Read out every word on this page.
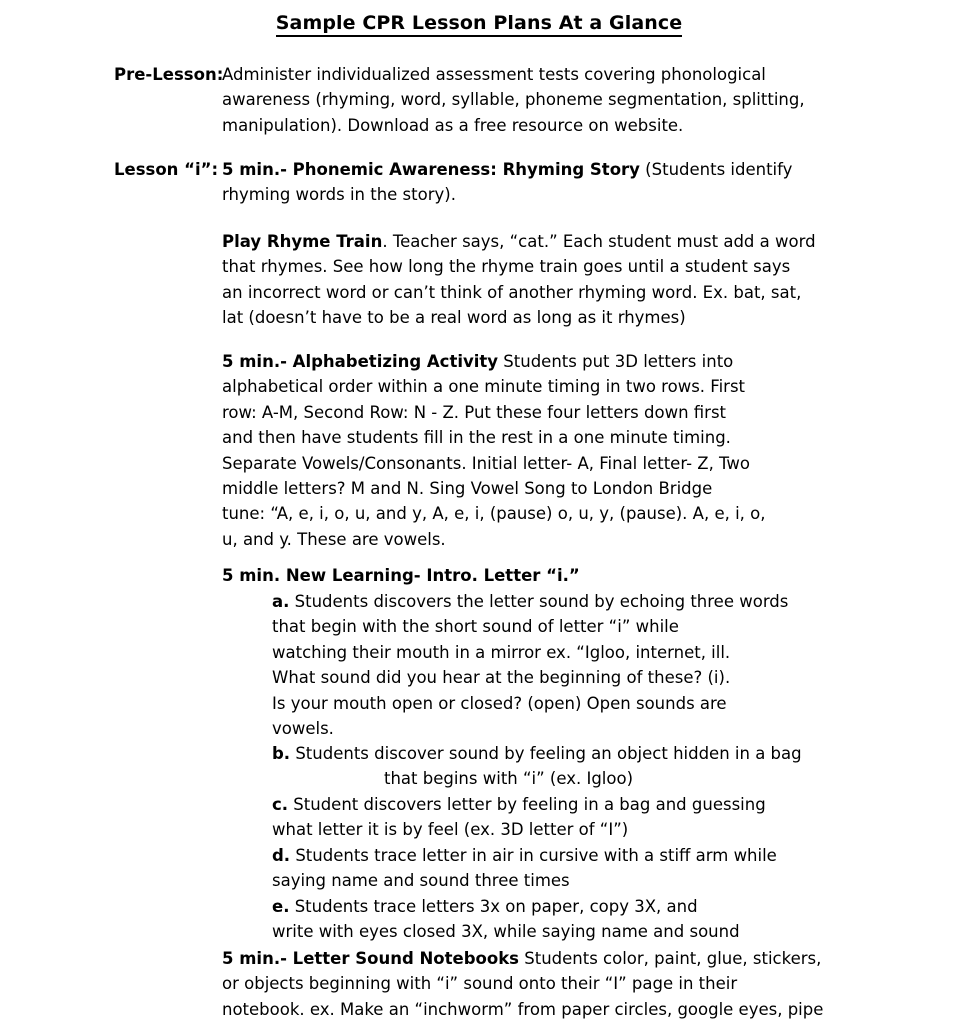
Sample CPR Lesson Plans At a Glance
Pre-Lesson:
Administer individualized assessment tests covering phonological
awareness (rhyming, word, syllable, phoneme segmentation, splitting,
manipulation). Download as a free resource on website.
Lesson “i”: 5 min.- Phonemic Awareness: Rhyming Story (Students identify
rhyming words in the story).
Play Rhyme Train. Teacher says, “cat.” Each student must add a word
that rhymes. See how long the rhyme train goes until a student says
an incorrect word or can’t think of another rhyming word. Ex. bat, sat,
lat (doesn’t have to be a real word as long as it rhymes)
5 min.- Alphabetizing Activity Students put 3D letters into
alphabetical order within a one minute timing in two rows. First
row: A-M, Second Row: N - Z. Put these four letters down first
and then have students fill in the rest in a one minute timing.
Separate Vowels/Consonants. Initial letter- A, Final letter- Z, Two
middle letters? M and N. Sing Vowel Song to London Bridge
tune: “A, e, i, o, u, and y, A, e, i, (pause) o, u, y, (pause). A, e, i, o,
u, and y. These are vowels.
5 min. New Learning- Intro. Letter “i.”
a. Students discovers the letter sound by echoing three words
that begin with the short sound of letter “i” while
watching their mouth in a mirror ex. “Igloo, internet, ill.
What sound did you hear at the beginning of these? (i).
Is your mouth open or closed? (open) Open sounds are
vowels.
b. Students discover sound by feeling an object hidden in a bag
that begins with “i” (ex. Igloo)
c. Student discovers letter by feeling in a bag and guessing
what letter it is by feel (ex. 3D letter of “I”)
d. Students trace letter in air in cursive with a stiff arm while
saying name and sound three times
e. Students trace letters 3x on paper, copy 3X, and
write with eyes closed 3X, while saying name and sound
5 min.- Letter Sound Notebooks Students color, paint, glue, stickers,
or objects beginning with “i” sound onto their “I” page in their
notebook. ex. Make an “inchworm” from paper circles, google eyes, pipe
